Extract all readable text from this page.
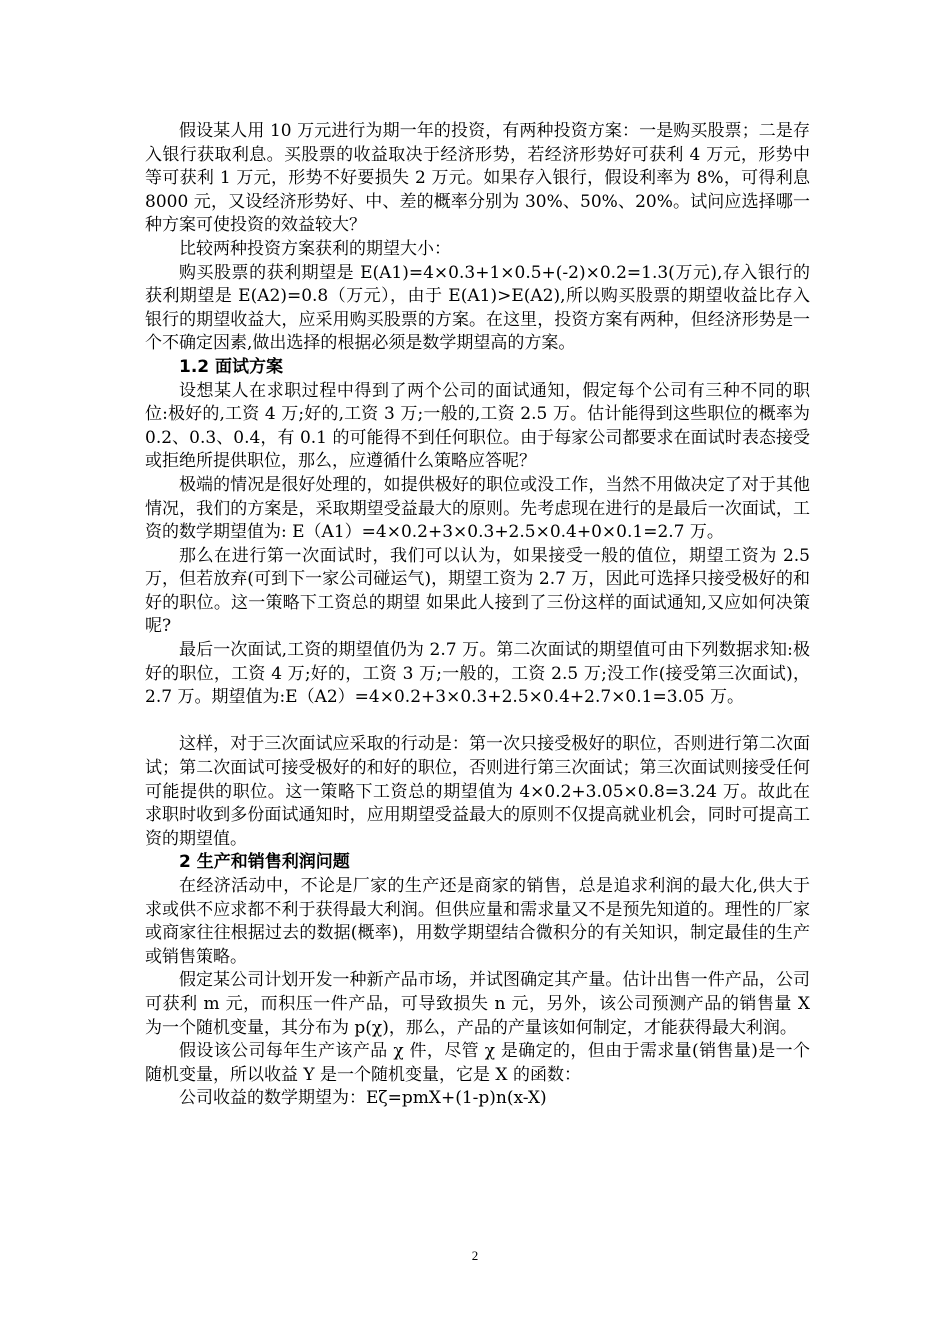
假设某人用 10 万元进行为期一年的投资，有两种投资方案：一是购买股票；二是存入银行获取利息。买股票的收益取决于经济形势，若经济形势好可获利 4 万元，形势中等可获利 1 万元，形势不好要损失 2 万元。如果存入银行，假设利率为 8%，可得利息 8000 元，又设经济形势好、中、差的概率分别为 30%、50%、20%。试问应选择哪一种方案可使投资的效益较大？

比较两种投资方案获利的期望大小：

购买股票的获利期望是 E(A1)=4×0.3+1×0.5+(-2)×0.2=1.3(万元),存入银行的获利期望是 E(A2)=0.8（万元），由于 E(A1)>E(A2),所以购买股票的期望收益比存入银行的期望收益大，应采用购买股票的方案。在这里，投资方案有两种，但经济形势是一个不确定因素,做出选择的根据必须是数学期望高的方案。

1.2 面试方案

设想某人在求职过程中得到了两个公司的面试通知，假定每个公司有三种不同的职位:极好的,工资 4 万;好的,工资 3 万;一般的,工资 2.5 万。估计能得到这些职位的概率为 0.2、0.3、0.4，有 0.1 的可能得不到任何职位。由于每家公司都要求在面试时表态接受或拒绝所提供职位，那么，应遵循什么策略应答呢？

极端的情况是很好处理的，如提供极好的职位或没工作，当然不用做决定了对于其他情况，我们的方案是，采取期望受益最大的原则。先考虑现在进行的是最后一次面试，工资的数学期望值为: E（A1）=4×0.2+3×0.3+2.5×0.4+0×0.1=2.7 万。

那么在进行第一次面试时，我们可以认为，如果接受一般的值位，期望工资为 2.5 万，但若放弃(可到下一家公司碰运气)，期望工资为 2.7 万，因此可选择只接受极好的和好的职位。这一策略下工资总的期望 如果此人接到了三份这样的面试通知,又应如何决策呢?

最后一次面试,工资的期望值仍为 2.7 万。第二次面试的期望值可由下列数据求知:极好的职位，工资 4 万;好的，工资 3 万;一般的，工资 2.5 万;没工作(接受第三次面试)，2.7 万。期望值为:E（A2）=4×0.2+3×0.3+2.5×0.4+2.7×0.1=3.05 万。

这样，对于三次面试应采取的行动是：第一次只接受极好的职位，否则进行第二次面试；第二次面试可接受极好的和好的职位，否则进行第三次面试；第三次面试则接受任何可能提供的职位。这一策略下工资总的期望值为 4×0.2+3.05×0.8=3.24 万。故此在求职时收到多份面试通知时，应用期望受益最大的原则不仅提高就业机会，同时可提高工资的期望值。

2 生产和销售利润问题

在经济活动中，不论是厂家的生产还是商家的销售，总是追求利润的最大化,供大于求或供不应求都不利于获得最大利润。但供应量和需求量又不是预先知道的。理性的厂家或商家往往根据过去的数据(概率)，用数学期望结合微积分的有关知识，制定最佳的生产或销售策略。

假定某公司计划开发一种新产品市场，并试图确定其产量。估计出售一件产品，公司可获利 m 元，而积压一件产品，可导致损失 n 元，另外，该公司预测产品的销售量 X 为一个随机变量，其分布为 p(χ)，那么，产品的产量该如何制定，才能获得最大利润。

假设该公司每年生产该产品 χ 件，尽管 χ 是确定的，但由于需求量(销售量)是一个随机变量，所以收益 Y 是一个随机变量，它是 X 的函数：

公司收益的数学期望为：Eζ=pmX+(1-p)n(x-X)

2
